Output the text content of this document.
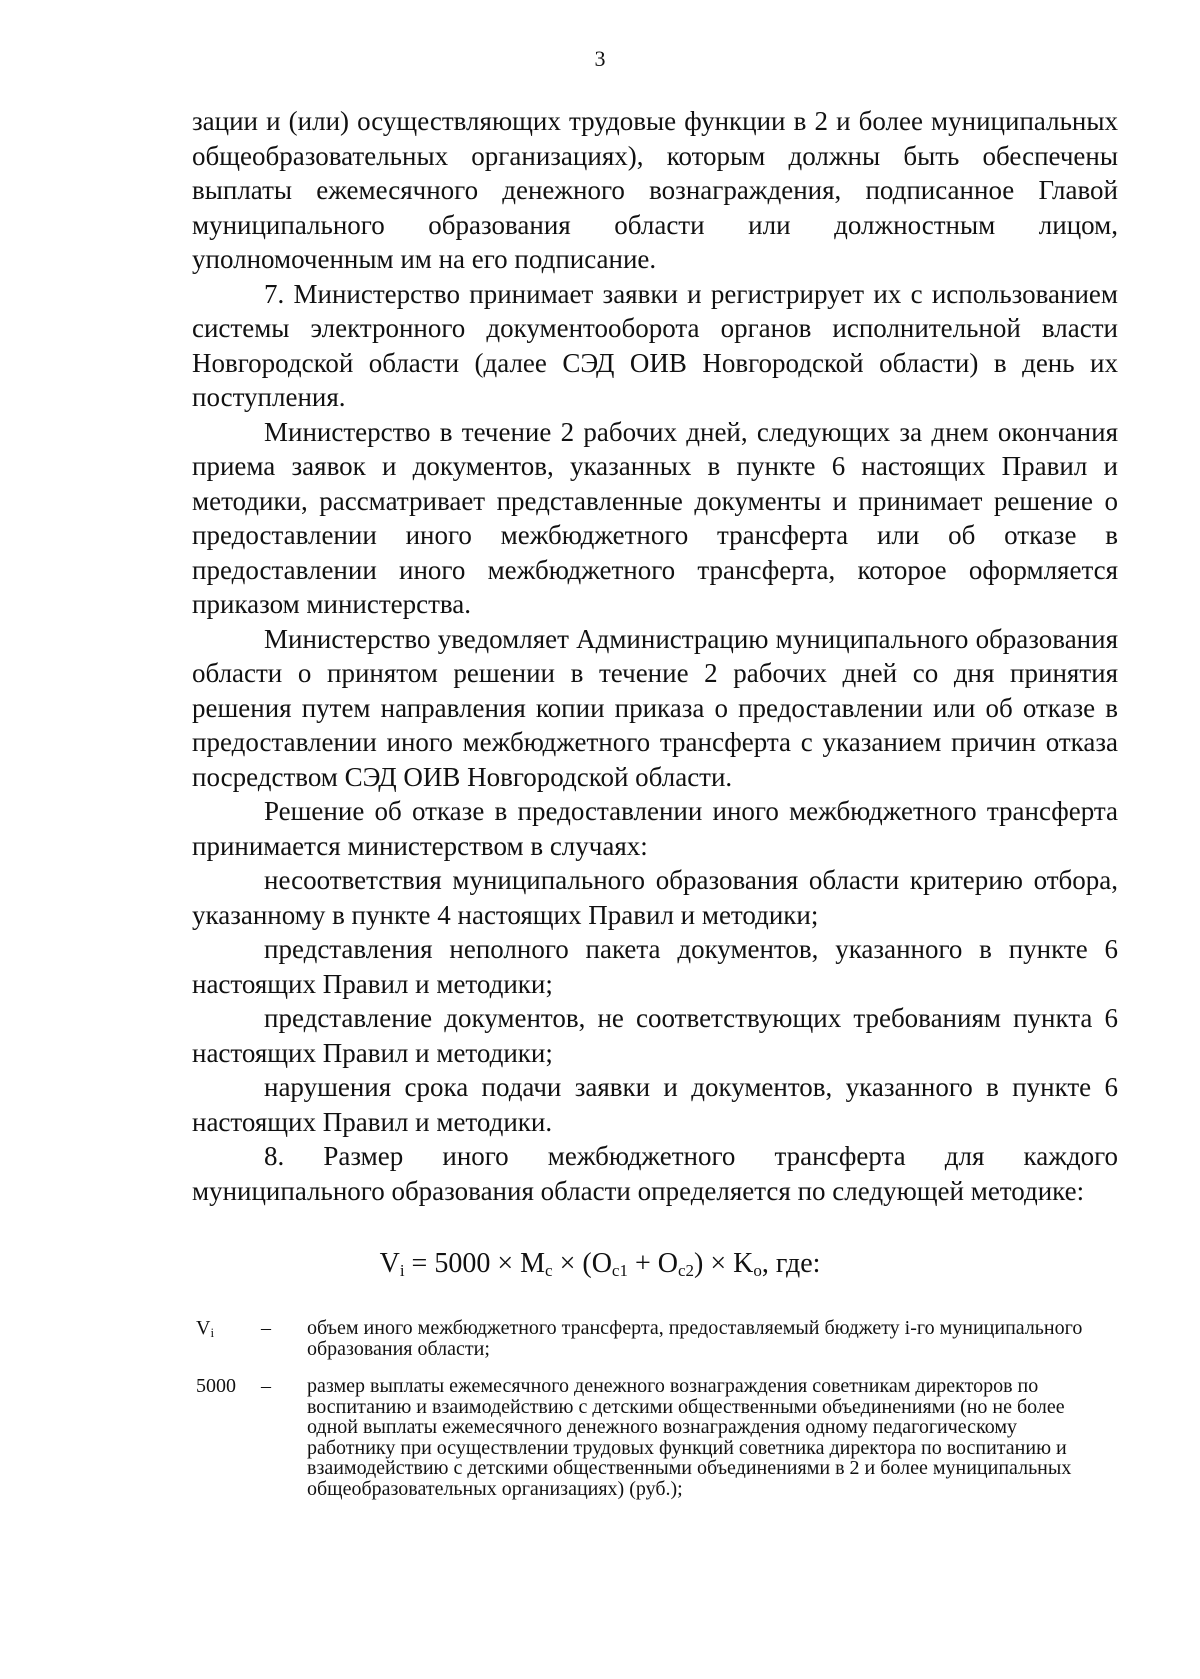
3

зации и (или) осуществляющих трудовые функции в 2 и более муниципальных общеобразовательных организациях), которым должны быть обеспечены выплаты ежемесячного денежного вознаграждения, подписанное Главой муниципального образования области или должностным лицом, уполномоченным им на его подписание.

7. Министерство принимает заявки и регистрирует их с использованием системы электронного документооборота органов исполнительной власти Новгородской области (далее СЭД ОИВ Новгородской области) в день их поступления.

Министерство в течение 2 рабочих дней, следующих за днем окончания приема заявок и документов, указанных в пункте 6 настоящих Правил и методики, рассматривает представленные документы и принимает решение о предоставлении иного межбюджетного трансферта или об отказе в предоставлении иного межбюджетного трансферта, которое оформляется приказом министерства.

Министерство уведомляет Администрацию муниципального образования области о принятом решении в течение 2 рабочих дней со дня принятия решения путем направления копии приказа о предоставлении или об отказе в предоставлении иного межбюджетного трансферта с указанием причин отказа посредством СЭД ОИВ Новгородской области.

Решение об отказе в предоставлении иного межбюджетного трансферта принимается министерством в случаях:

несоответствия муниципального образования области критерию отбора, указанному в пункте 4 настоящих Правил и методики;

представления неполного пакета документов, указанного в пункте 6 настоящих Правил и методики;

представление документов, не соответствующих требованиям пункта 6 настоящих Правил и методики;

нарушения срока подачи заявки и документов, указанного в пункте 6 настоящих Правил и методики.

8. Размер иного межбюджетного трансферта для каждого муниципального образования области определяется по следующей методике:

$V_i = 5000 \times M_c \times (O_{c1} + O_{c2}) \times K_o$, где:
$V_i$	–	объем иного межбюджетного трансферта, предоставляемый бюджету i-го муниципального образования области;
5000	–	размер выплаты ежемесячного денежного вознаграждения советникам директоров по воспитанию и взаимодействию с детскими общественными объединениями (но не более одной выплаты ежемесячного денежного вознаграждения одному педагогическому работнику при осуществлении трудовых функций советника директора по воспитанию и взаимодействию с детскими общественными объединениями в 2 и более муниципальных общеобразовательных организациях) (руб.);
